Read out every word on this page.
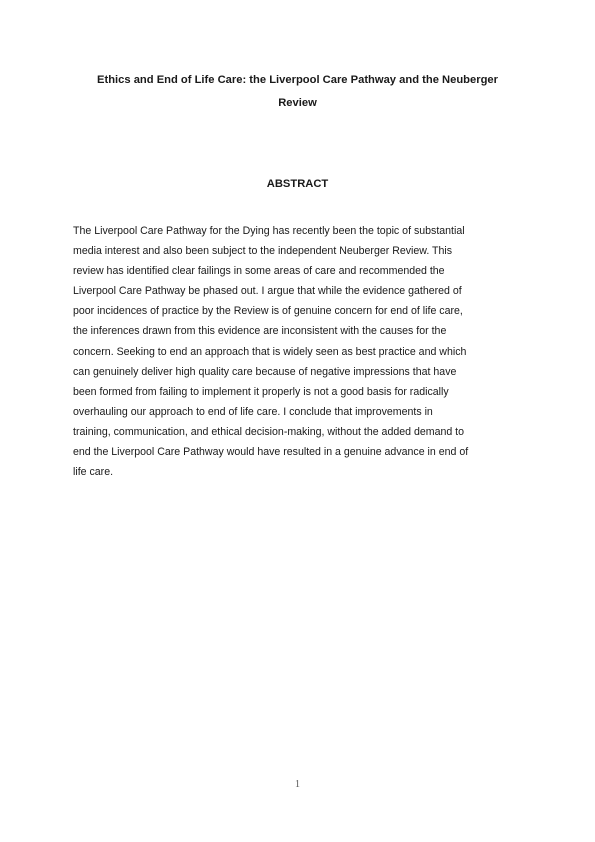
Ethics and End of Life Care: the Liverpool Care Pathway and the Neuberger
Review
ABSTRACT

The Liverpool Care Pathway for the Dying has recently been the topic of substantial
media interest and also been subject to the independent Neuberger Review. This
review has identified clear failings in some areas of care and recommended the
Liverpool Care Pathway be phased out. I argue that while the evidence gathered of
poor incidences of practice by the Review is of genuine concern for end of life care,
the inferences drawn from this evidence are inconsistent with the causes for the
concern. Seeking to end an approach that is widely seen as best practice and which
can genuinely deliver high quality care because of negative impressions that have
been formed from failing to implement it properly is not a good basis for radically
overhauling our approach to end of life care. I conclude that improvements in
training, communication, and ethical decision-making, without the added demand to
end the Liverpool Care Pathway would have resulted in a genuine advance in end of
life care.

1
